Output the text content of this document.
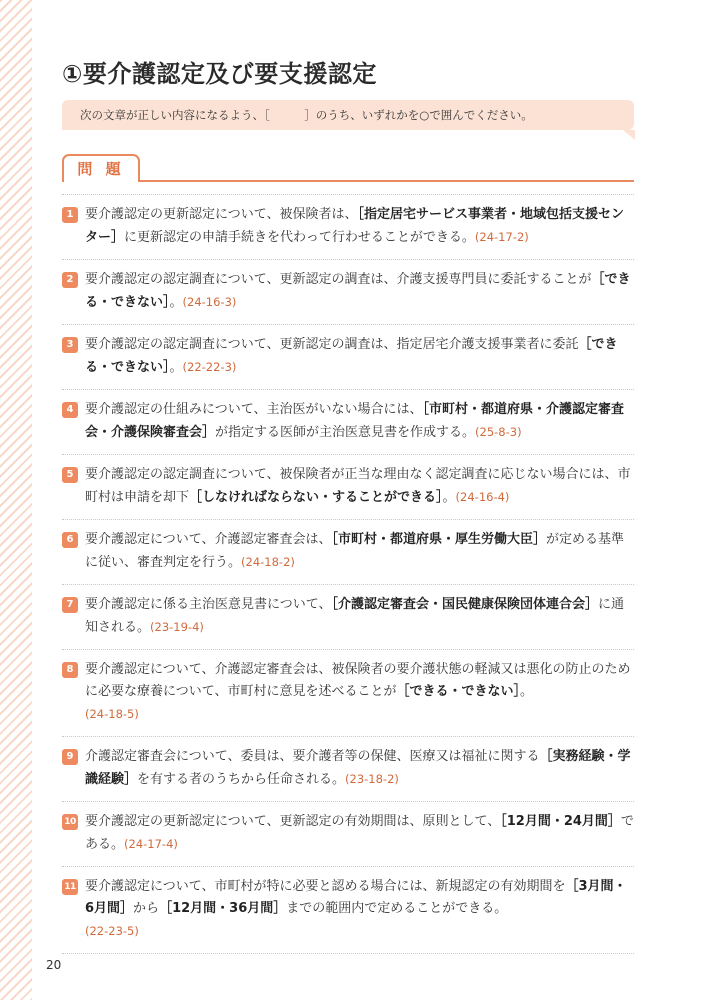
①要介護認定及び要支援認定
次の文章が正しい内容になるよう、［　　　］のうち、いずれかを○で囲んでください。
問 題
1 要介護認定の更新認定について、被保険者は、［指定居宅サービス事業者・地域包括支援センター］に更新認定の申請手続きを代わって行わせることができる。(24-17-2)
2 要介護認定の認定調査について、更新認定の調査は、介護支援専門員に委託することが［できる・できない］。(24-16-3)
3 要介護認定の認定調査について、更新認定の調査は、指定居宅介護支援事業者に委託［できる・できない］。(22-22-3)
4 要介護認定の仕組みについて、主治医がいない場合には、［市町村・都道府県・介護認定審査会・介護保険審査会］が指定する医師が主治医意見書を作成する。(25-8-3)
5 要介護認定の認定調査について、被保険者が正当な理由なく認定調査に応じない場合には、市町村は申請を却下［しなければならない・することができる］。(24-16-4)
6 要介護認定について、介護認定審査会は、［市町村・都道府県・厚生労働大臣］が定める基準に従い、審査判定を行う。(24-18-2)
7 要介護認定に係る主治医意見書について、［介護認定審査会・国民健康保険団体連合会］に通知される。(23-19-4)
8 要介護認定について、介護認定審査会は、被保険者の要介護状態の軽減又は悪化の防止のために必要な療養について、市町村に意見を述べることが［できる・できない］。
(24-18-5)
9 介護認定審査会について、委員は、要介護者等の保健、医療又は福祉に関する［実務経験・学識経験］を有する者のうちから任命される。(23-18-2)
10 要介護認定の更新認定について、更新認定の有効期間は、原則として、［12月間・24月間］である。(24-17-4)
11 要介護認定について、市町村が特に必要と認める場合には、新規認定の有効期間を［3月間・6月間］から［12月間・36月間］までの範囲内で定めることができる。
(22-23-5)
20
